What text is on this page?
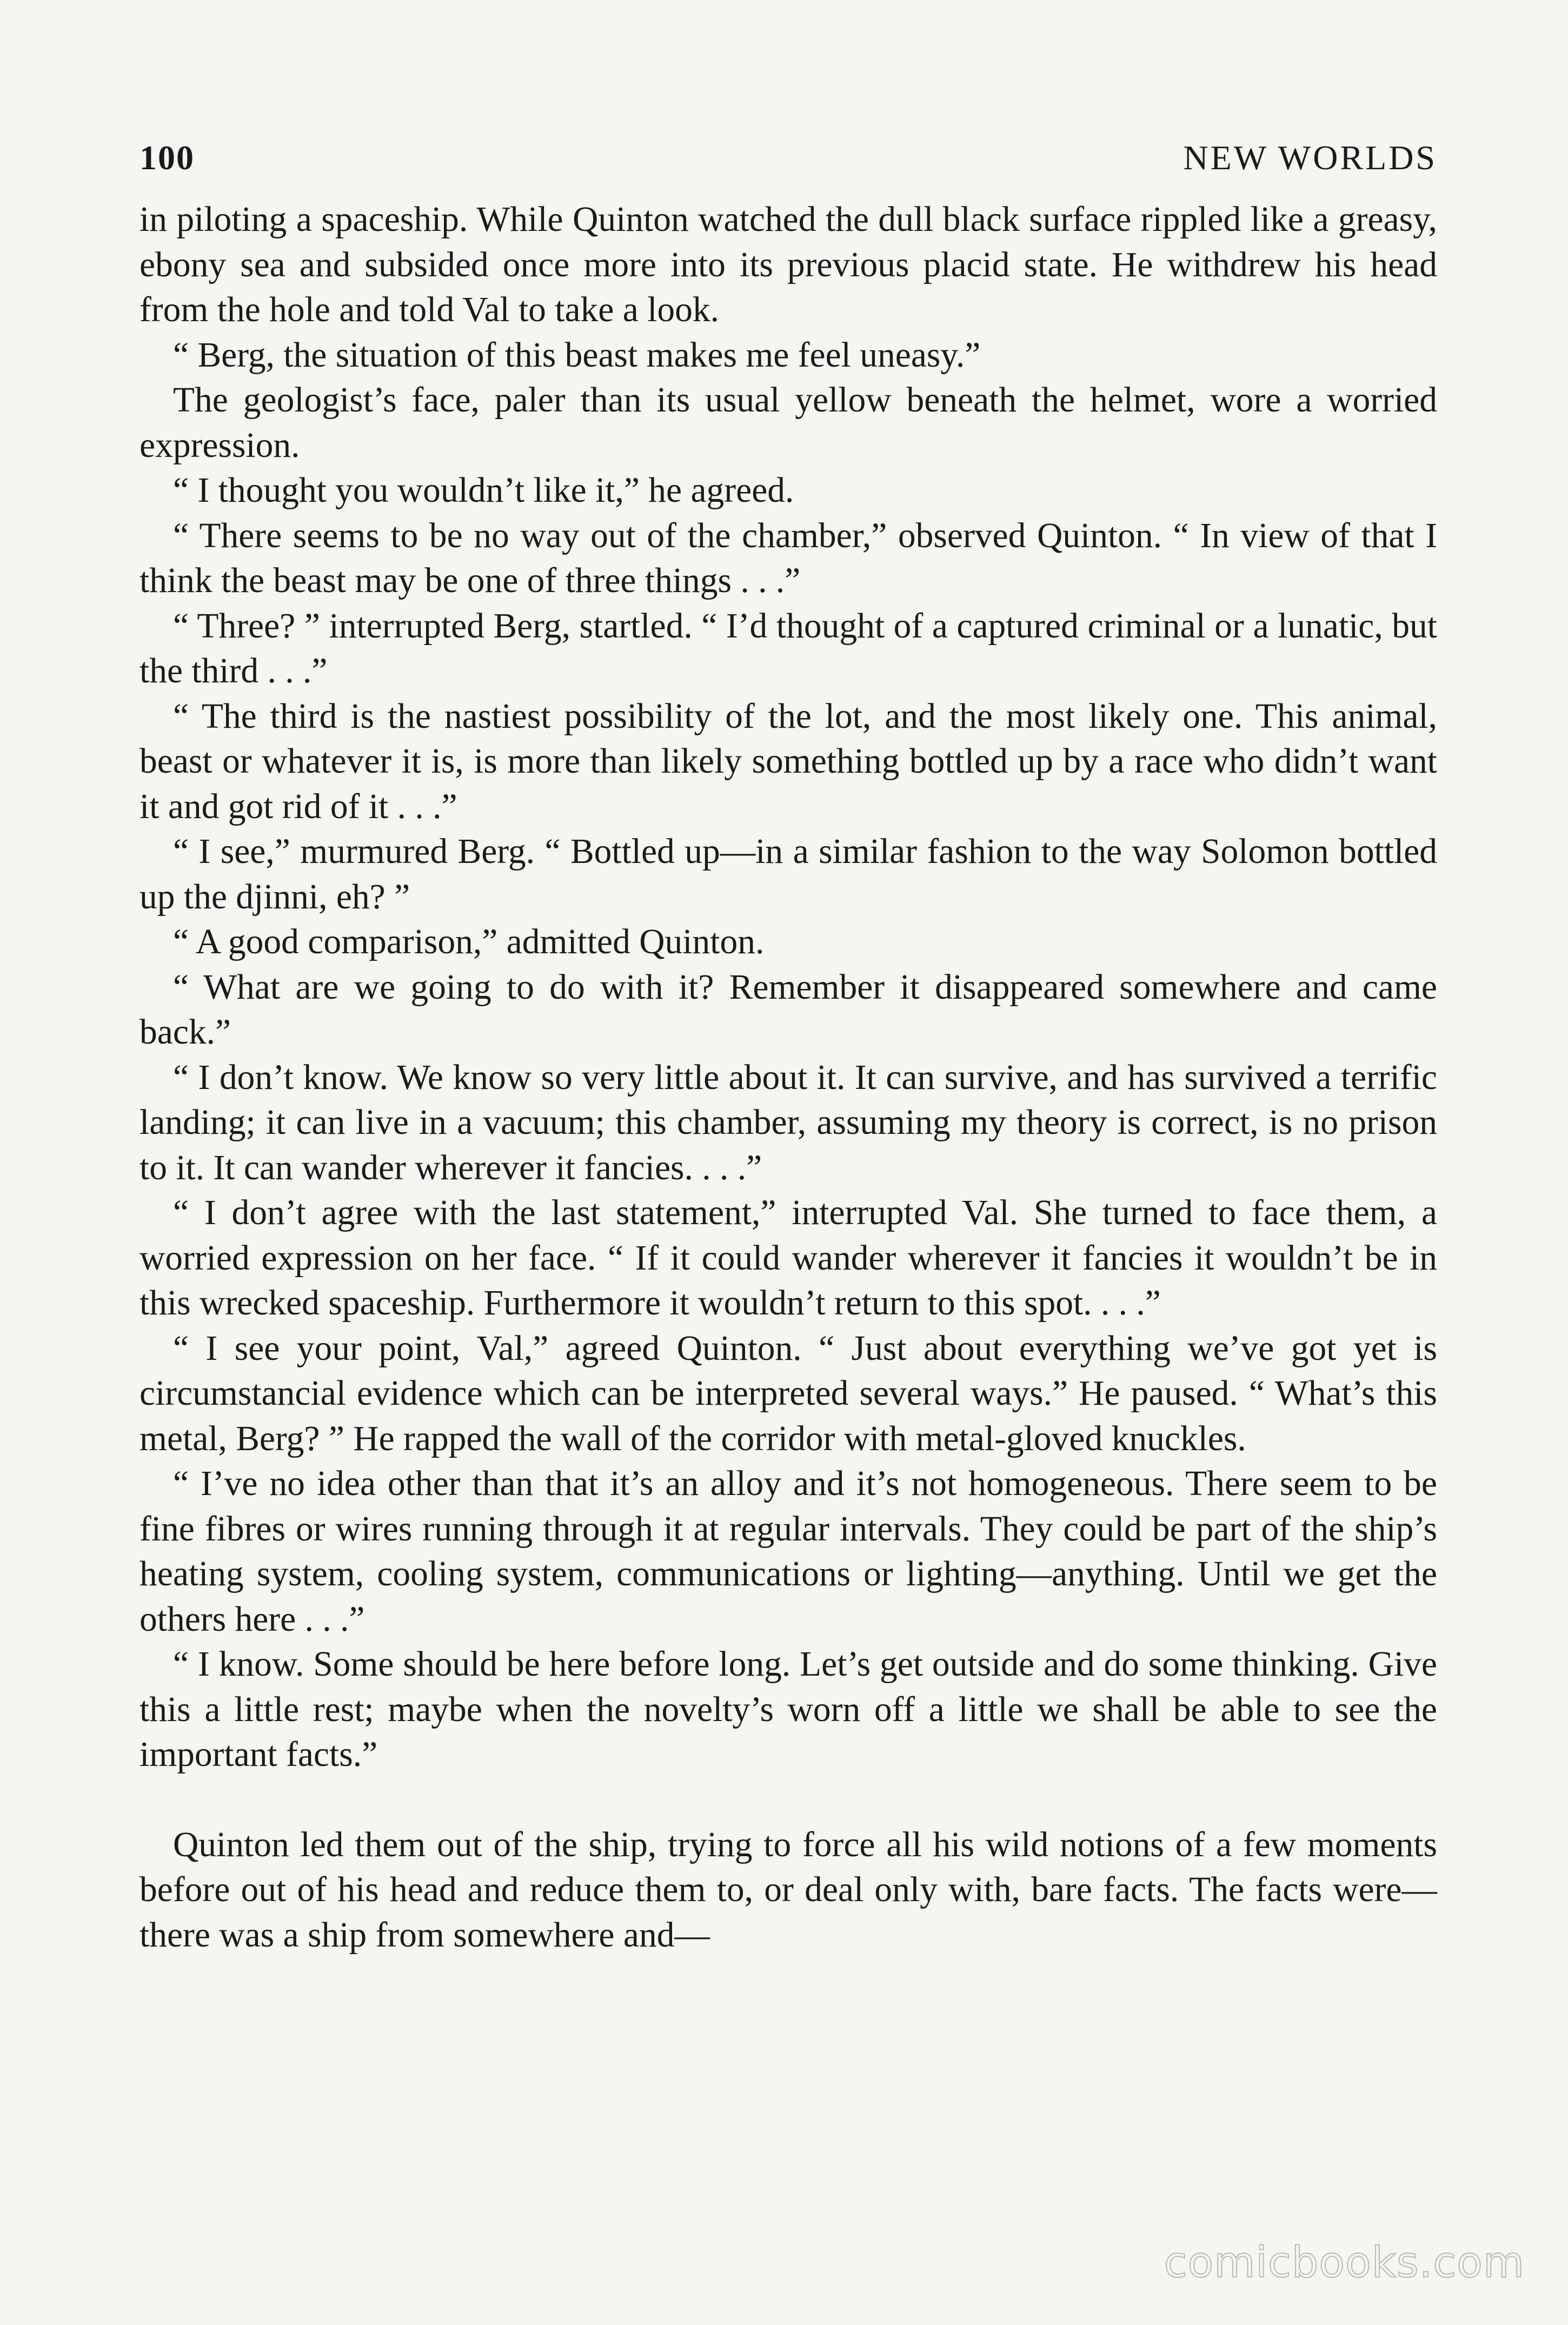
100	NEW WORLDS

in piloting a spaceship. While Quinton watched the dull black surface rippled like a greasy, ebony sea and subsided once more into its previous placid state. He withdrew his head from the hole and told Val to take a look.

“ Berg, the situation of this beast makes me feel uneasy.”

The geologist’s face, paler than its usual yellow beneath the helmet, wore a worried expression.

“ I thought you wouldn’t like it,” he agreed.

“ There seems to be no way out of the chamber,” observed Quinton. “ In view of that I think the beast may be one of three things . . .”

“ Three? ” interrupted Berg, startled. “ I’d thought of a captured criminal or a lunatic, but the third . . .”

“ The third is the nastiest possibility of the lot, and the most likely one. This animal, beast or whatever it is, is more than likely something bottled up by a race who didn’t want it and got rid of it . . .”

“ I see,” murmured Berg. “ Bottled up—in a similar fashion to the way Solomon bottled up the djinni, eh? ”

“ A good comparison,” admitted Quinton.

“ What are we going to do with it? Remember it disappeared somewhere and came back.”

“ I don’t know. We know so very little about it. It can survive, and has survived a terrific landing; it can live in a vacuum; this chamber, assuming my theory is correct, is no prison to it. It can wander wherever it fancies. . . .”

“ I don’t agree with the last statement,” interrupted Val. She turned to face them, a worried expression on her face. “ If it could wander wherever it fancies it wouldn’t be in this wrecked spaceship. Furthermore it wouldn’t return to this spot. . . .”

“ I see your point, Val,” agreed Quinton. “ Just about everything we’ve got yet is circumstancial evidence which can be interpreted several ways.” He paused. “ What’s this metal, Berg? ” He rapped the wall of the corridor with metal-gloved knuckles.

“ I’ve no idea other than that it’s an alloy and it’s not homogeneous. There seem to be fine fibres or wires running through it at regular intervals. They could be part of the ship’s heating system, cooling system, communications or lighting—anything. Until we get the others here . . .”

“ I know. Some should be here before long. Let’s get outside and do some thinking. Give this a little rest; maybe when the novelty’s worn off a little we shall be able to see the important facts.”

Quinton led them out of the ship, trying to force all his wild notions of a few moments before out of his head and reduce them to, or deal only with, bare facts. The facts were—there was a ship from somewhere and—

comicbooks.com
